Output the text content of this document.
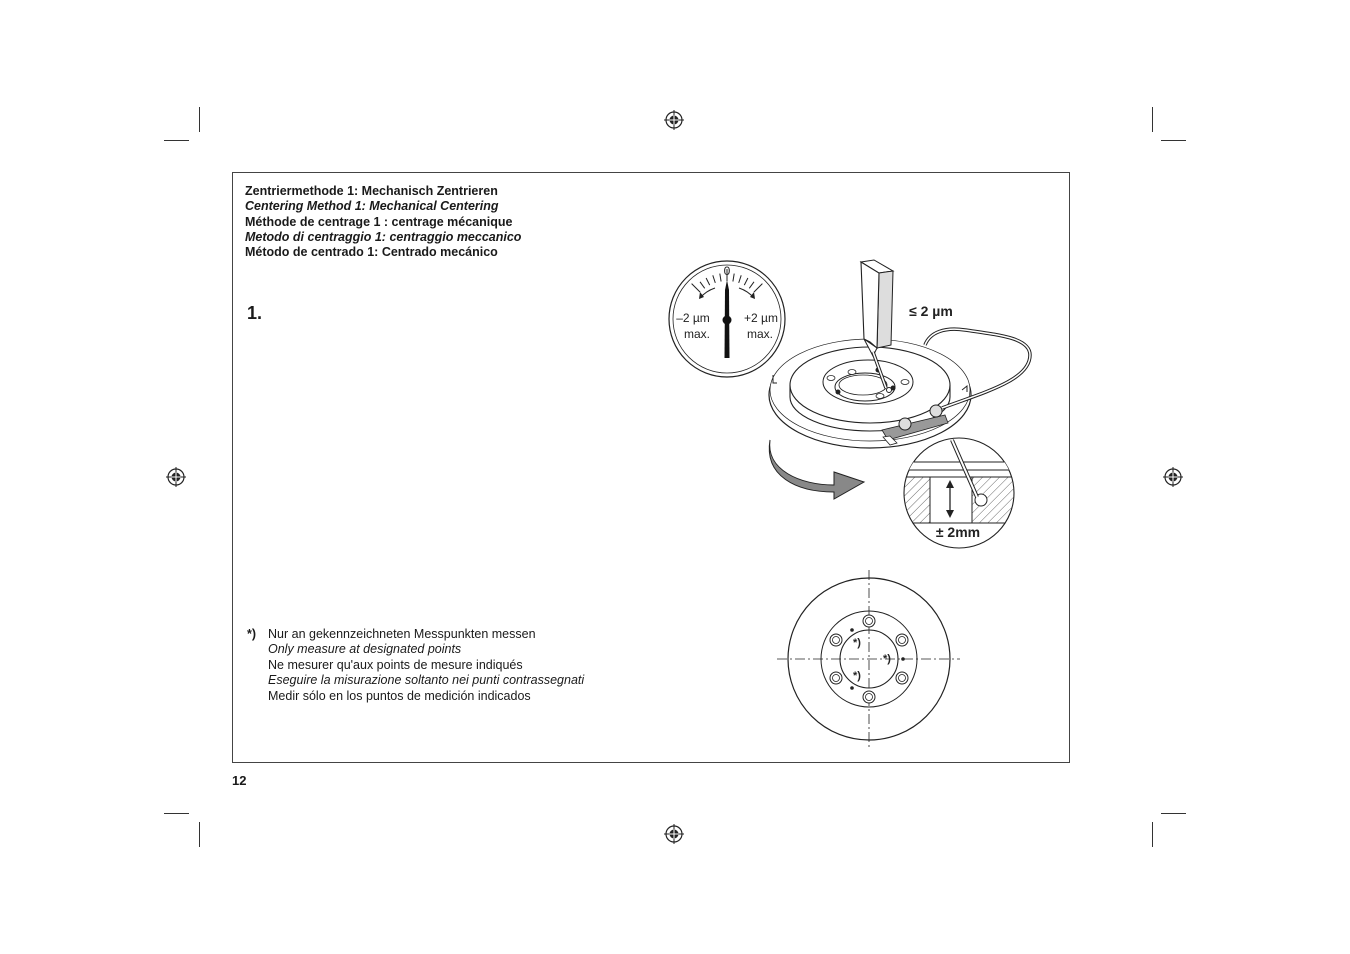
Zentriermethode 1: Mechanisch Zentrieren
Centering Method 1: Mechanical Centering
Méthode de centrage 1 : centrage mécanique
Metodo di centraggio 1: centraggio meccanico
Método de centrado 1: Centrado mecánico
1.
*) Nur an gekennzeichneten Messpunkten messen
Only measure at designated points
Ne mesurer qu'aux points de mesure indiqués
Eseguire la misurazione soltanto nei punti contrassegnati
Medir sólo en los puntos de medición indicados
12
0
–2 µm
max.
+2 µm
max.
≤ 2 µm
± 2mm
*)
*)
*)
